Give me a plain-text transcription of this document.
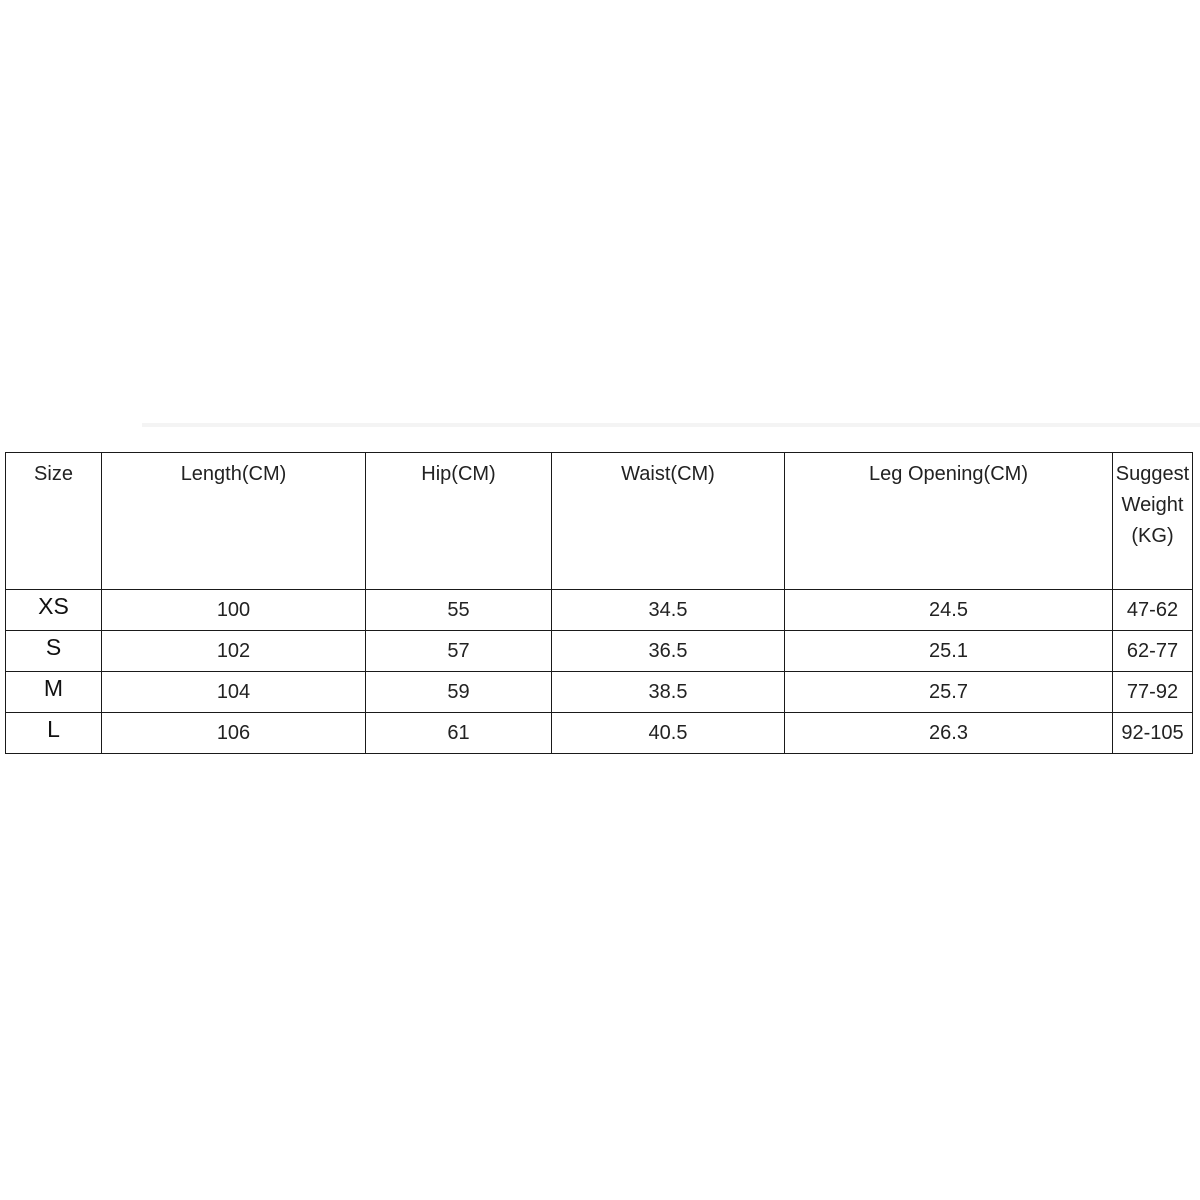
Size	Length(CM)	Hip(CM)	Waist(CM)	Leg Opening(CM)	Suggest Weight (KG)
XS	100	55	34.5	24.5	47-62
S	102	57	36.5	25.1	62-77
M	104	59	38.5	25.7	77-92
L	106	61	40.5	26.3	92-105
